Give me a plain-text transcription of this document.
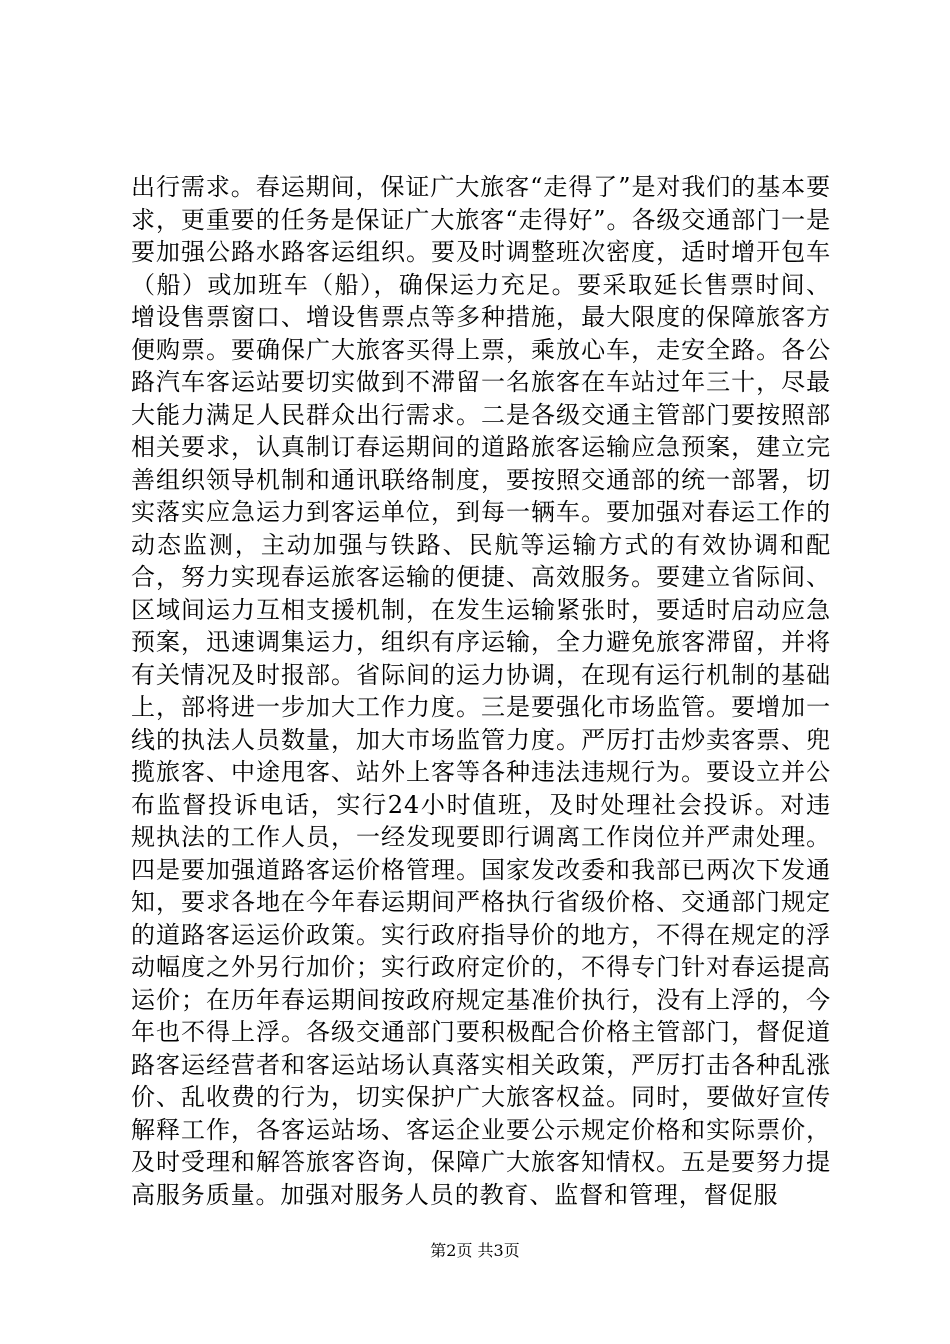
出行需求。春运期间，保证广大旅客“走得了”是对我们的基本要求，更重要的任务是保证广大旅客“走得好”。各级交通部门一是要加强公路水路客运组织。要及时调整班次密度，适时增开包车（船）或加班车（船），确保运力充足。要采取延长售票时间、增设售票窗口、增设售票点等多种措施，最大限度的保障旅客方便购票。要确保广大旅客买得上票，乘放心车，走安全路。各公路汽车客运站要切实做到不滞留一名旅客在车站过年三十，尽最大能力满足人民群众出行需求。二是各级交通主管部门要按照部相关要求，认真制订春运期间的道路旅客运输应急预案，建立完善组织领导机制和通讯联络制度，要按照交通部的统一部署，切实落实应急运力到客运单位，到每一辆车。要加强对春运工作的动态监测，主动加强与铁路、民航等运输方式的有效协调和配合，努力实现春运旅客运输的便捷、高效服务。要建立省际间、区域间运力互相支援机制，在发生运输紧张时，要适时启动应急预案，迅速调集运力，组织有序运输，全力避免旅客滞留，并将有关情况及时报部。省际间的运力协调，在现有运行机制的基础上，部将进一步加大工作力度。三是要强化市场监管。要增加一线的执法人员数量，加大市场监管力度。严厉打击炒卖客票、兜揽旅客、中途甩客、站外上客等各种违法违规行为。要设立并公布监督投诉电话，实行24小时值班，及时处理社会投诉。对违规执法的工作人员，一经发现要即行调离工作岗位并严肃处理。四是要加强道路客运价格管理。国家发改委和我部已两次下发通知，要求各地在今年春运期间严格执行省级价格、交通部门规定的道路客运运价政策。实行政府指导价的地方，不得在规定的浮动幅度之外另行加价；实行政府定价的，不得专门针对春运提高运价；在历年春运期间按政府规定基准价执行，没有上浮的，今年也不得上浮。各级交通部门要积极配合价格主管部门，督促道路客运经营者和客运站场认真落实相关政策，严厉打击各种乱涨价、乱收费的行为，切实保护广大旅客权益。同时，要做好宣传解释工作，各客运站场、客运企业要公示规定价格和实际票价，及时受理和解答旅客咨询，保障广大旅客知情权。五是要努力提高服务质量。加强对服务人员的教育、监督和管理，督促服

第2页 共3页
